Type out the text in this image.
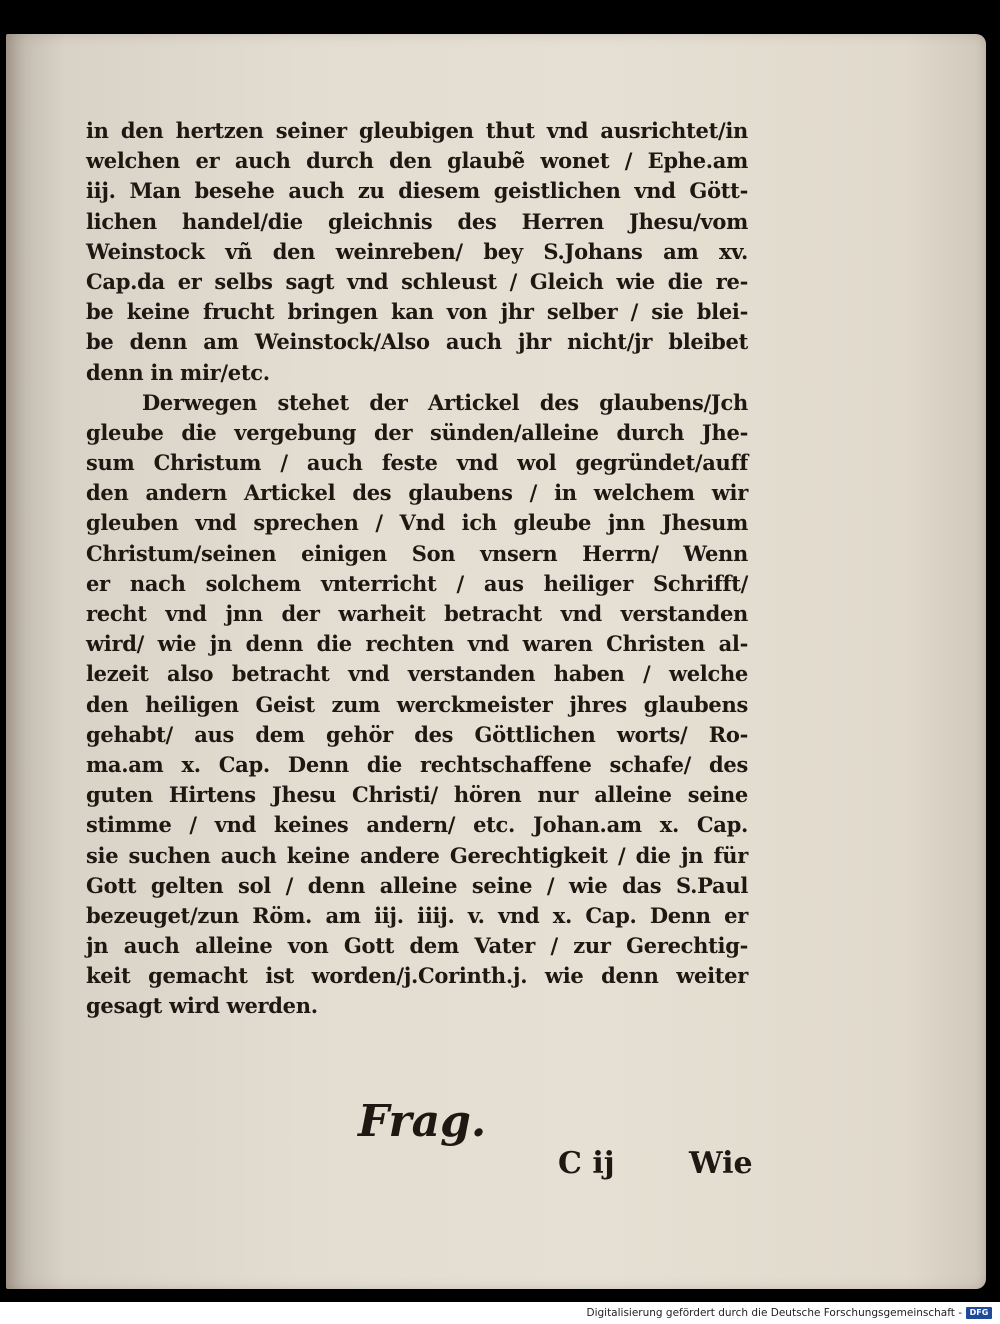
in den hertzen seiner gleubigen thut vnd ausrichtet/in
welchen er auch durch den glaubẽ wonet / Ephe.am
iij. Man besehe auch zu diesem geistlichen vnd Gött-
lichen handel/die gleichnis des Herren Jhesu/vom
Weinstock vñ den weinreben/ bey S.Johans am xv.
Cap.da er selbs sagt vnd schleust / Gleich wie die re-
be keine frucht bringen kan von jhr selber / sie blei-
be denn am Weinstock/Also auch jhr nicht/jr bleibet
denn in mir/etc.
Derwegen stehet der Artickel des glaubens/Jch
gleube die vergebung der sünden/alleine durch Jhe-
sum Christum / auch feste vnd wol gegründet/auff
den andern Artickel des glaubens / in welchem wir
gleuben vnd sprechen / Vnd ich gleube jnn Jhesum
Christum/seinen einigen Son vnsern Herrn/ Wenn
er nach solchem vnterricht / aus heiliger Schrifft/
recht vnd jnn der warheit betracht vnd verstanden
wird/ wie jn denn die rechten vnd waren Christen al-
lezeit also betracht vnd verstanden haben / welche
den heiligen Geist zum werckmeister jhres glaubens
gehabt/ aus dem gehör des Göttlichen worts/ Ro-
ma.am x. Cap. Denn die rechtschaffene schafe/ des
guten Hirtens Jhesu Christi/ hören nur alleine seine
stimme / vnd keines andern/ etc. Johan.am x. Cap.
sie suchen auch keine andere Gerechtigkeit / die jn für
Gott gelten sol / denn alleine seine / wie das S.Paul
bezeuget/zun Röm. am iij. iiij. v. vnd x. Cap. Denn er
jn auch alleine von Gott dem Vater / zur Gerechtig-
keit gemacht ist worden/j.Corinth.j. wie denn weiter
gesagt wird werden.
Frag.
C ij Wie
Digitalisierung gefördert durch die Deutsche Forschungsgemeinschaft - DFG
